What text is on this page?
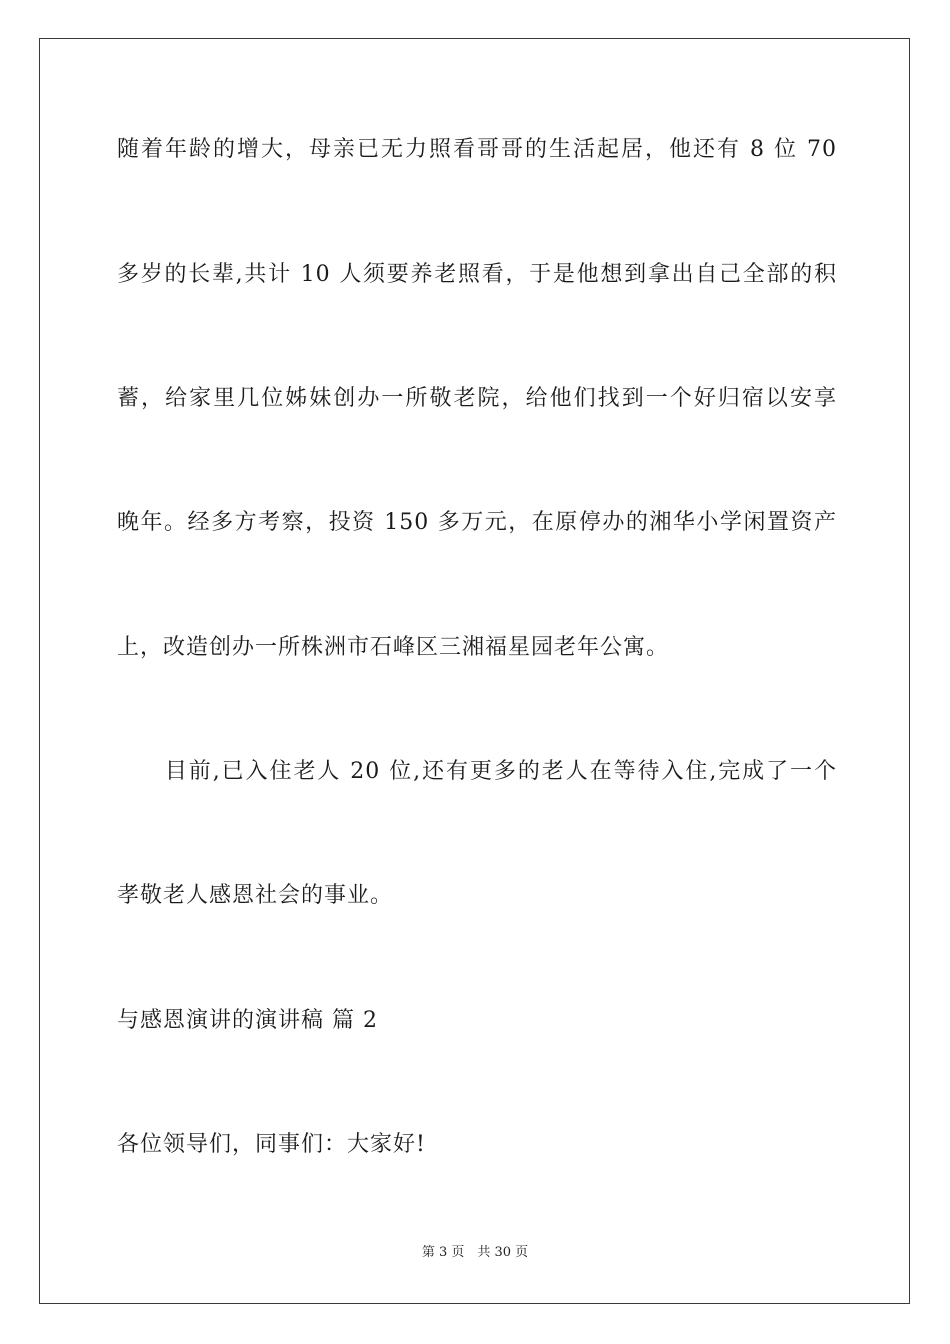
随着年龄的增大，母亲已无力照看哥哥的生活起居，他还有 8 位 70
多岁的长辈,共计 10 人须要养老照看，于是他想到拿出自己全部的积
蓄，给家里几位姊妹创办一所敬老院，给他们找到一个好归宿以安享
晚年。经多方考察，投资 150 多万元，在原停办的湘华小学闲置资产
上，改造创办一所株洲市石峰区三湘福星园老年公寓。
　　目前,已入住老人 20 位,还有更多的老人在等待入住,完成了一个
孝敬老人感恩社会的事业。
与感恩演讲的演讲稿 篇 2
各位领导们，同事们：大家好!
第 3 页　共 30 页
